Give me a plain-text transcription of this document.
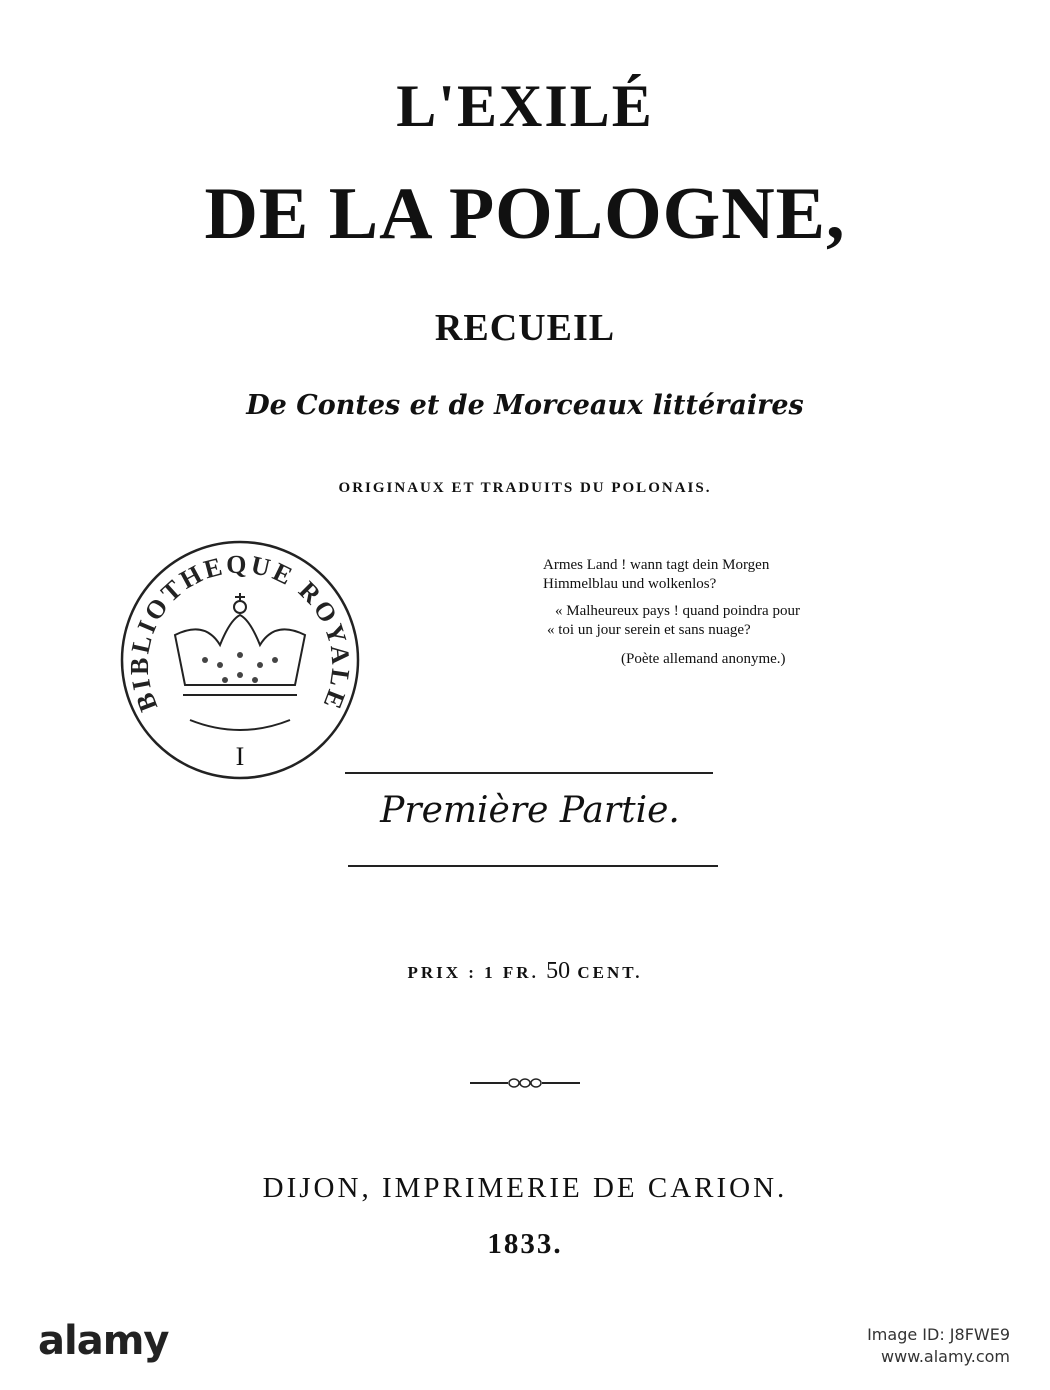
L'EXILÉ
DE LA POLOGNE,
RECUEIL
De Contes et de Morceaux littéraires
ORIGINAUX ET TRADUITS DU POLONAIS.
BIBLIOTHEQUE ROYALE
I
Armes Land ! wann tagt dein Morgen
Himmelblau und wolkenlos?
« Malheureux pays ! quand poindra pour
« toi un jour serein et sans nuage?
(Poète allemand anonyme.)
Première Partie.
PRIX : 1 FR. 50 CENT.
DIJON, IMPRIMERIE DE CARION.
1833.
alamy	Image ID: J8FWE9
www.alamy.com
